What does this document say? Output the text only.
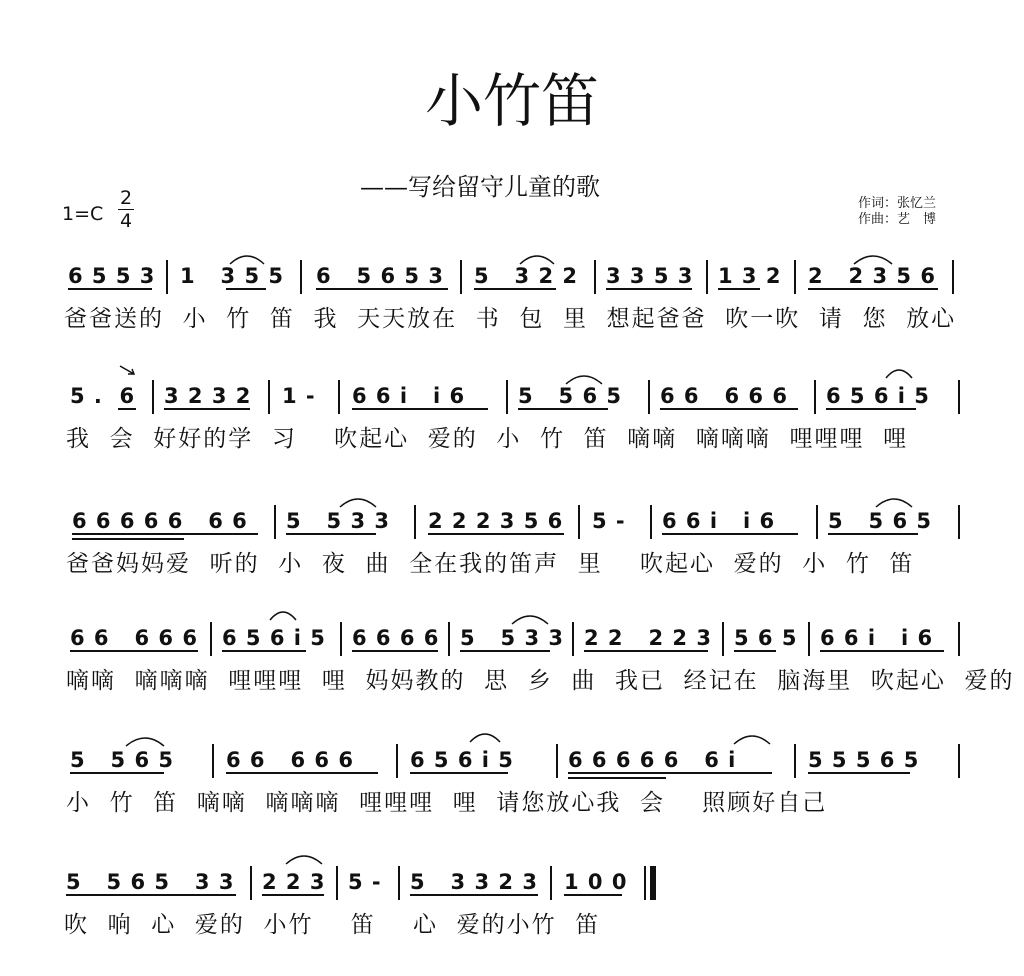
小竹笛
——写给留守儿童的歌
1=C
2
4
作词：张忆兰
作曲：艺　博
6 5 5 3 1   3 5 5 6   5 6 5 3 5   3 2 2 3 3 5 3 1 3 2 2   2 3 5 6
爸爸送的  小  竹  笛  我  天天放在  书  包  里  想起爸爸  吹一吹  请  您  放心
5 .  6 3 2 3 2 1 - 6 6 i   i 6	5   5 6 5 6 6   6 6 6 6 5 6 i 5
我  会  好好的学  习    吹起心  爱的  小  竹  笛  嘀嘀  嘀嘀嘀  哩哩哩  哩
6 6 6 6 6   6 6 5   5 3 3 2 2 2 3 5 6 5 - 6 6 i   i 6	5   5 6 5
爸爸妈妈爱  听的  小  夜  曲  全在我的笛声  里    吹起心  爱的  小  竹  笛
6 6   6 6 6 6 5 6 i 5 6 6 6 6 5   5 3 3 2 2   2 2 3 5 6 5 6 6 i   i 6
嘀嘀  嘀嘀嘀  哩哩哩  哩  妈妈教的  思  乡  曲  我已  经记在  脑海里  吹起心  爱的
5   5 6 5 6 6   6 6 6	6 5 6 i 5	6 6 6 6 6   6 i	5 5 5 6 5
小  竹  笛  嘀嘀  嘀嘀嘀  哩哩哩  哩  请您放心我  会    照顾好自己
5   5 6 5   3 3 2 2 3 5 - 5   3 3 2 3 1 0 0
吹  响  心  爱的  小竹    笛    心  爱的小竹  笛
